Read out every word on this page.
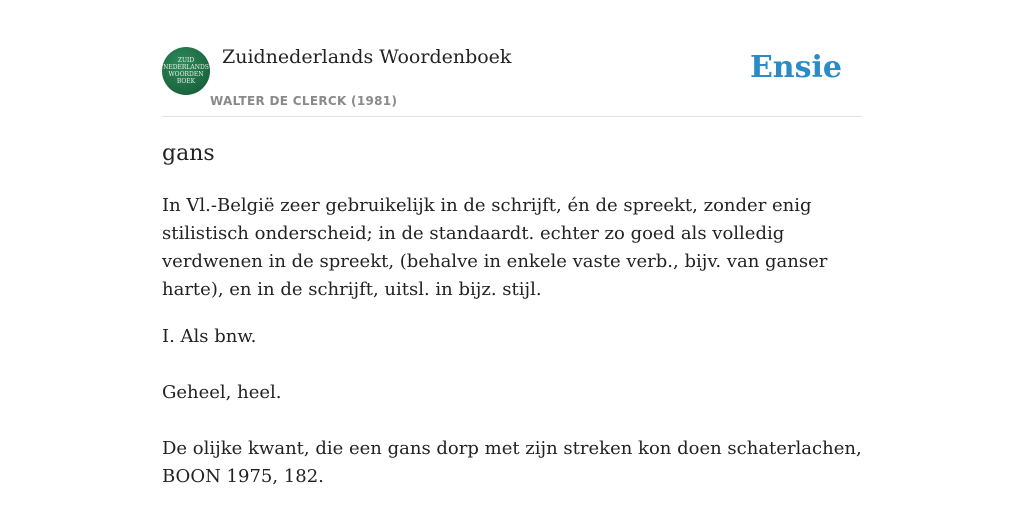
ZUID
NEDERLANDS
WOORDEN
BOEK
Zuidnederlands Woordenboek
WALTER DE CLERCK (1981)
Ensie
gans

In Vl.-België zeer gebruikelijk in de schrijft, én de spreekt, zonder enig stilistisch onderscheid; in de standaardt. echter zo goed als volledig verdwenen in de spreekt, (behalve in enkele vaste verb., bijv. van ganser harte), en in de schrijft, uitsl. in bijz. stijl.

I. Als bnw.

Geheel, heel.

De olijke kwant, die een gans dorp met zijn streken kon doen schaterlachen, BOON 1975, 182.
